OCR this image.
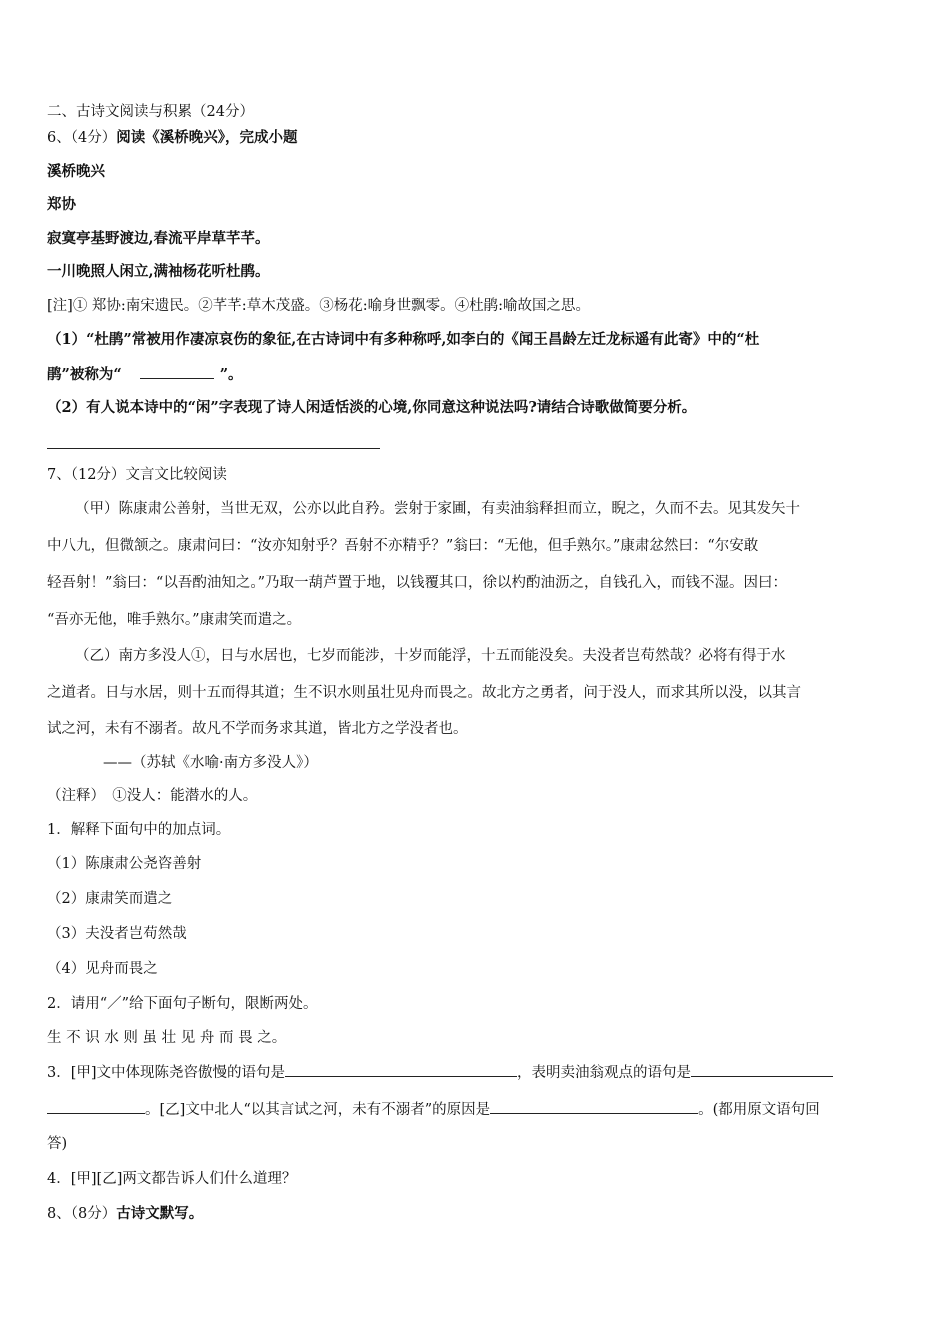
二、古诗文阅读与积累（24分）
6、（4分）阅读《溪桥晚兴》，完成小题
溪桥晚兴
郑协
寂寞亭基野渡边,春流平岸草芊芊。
一川晚照人闲立,满袖杨花听杜鹃。
[注]① 郑协:南宋遗民。②芊芊:草木茂盛。③杨花:喻身世飘零。④杜鹃:喻故国之思。
（1）“杜鹃”常被用作凄凉哀伤的象征,在古诗词中有多种称呼,如李白的《闻王昌龄左迁龙标遥有此寄》中的“杜
鹃”被称为“	”。
（2）有人说本诗中的“闲”字表现了诗人闲适恬淡的心境,你同意这种说法吗?请结合诗歌做简要分析。
7、（12分）文言文比较阅读
（甲）陈康肃公善射，当世无双，公亦以此自矜。尝射于家圃，有卖油翁释担而立，睨之，久而不去。见其发矢十
中八九，但微颔之。康肃问曰：“汝亦知射乎？吾射不亦精乎？”翁曰：“无他，但手熟尔。”康肃忿然曰：“尔安敢
轻吾射！”翁曰：“以吾酌油知之。”乃取一葫芦置于地，以钱覆其口，徐以杓酌油沥之，自钱孔入，而钱不湿。因曰：
“吾亦无他，唯手熟尔。”康肃笑而遣之。
（乙）南方多没人①，日与水居也，七岁而能涉，十岁而能浮，十五而能没矣。夫没者岂苟然哉？必将有得于水
之道者。日与水居，则十五而得其道；生不识水则虽壮见舟而畏之。故北方之勇者，问于没人，而求其所以没，以其言
试之河，未有不溺者。故凡不学而务求其道，皆北方之学没者也。
——（苏轼《水喻·南方多没人》）
（注释）　①没人：能潜水的人。
1．解释下面句中的加点词。
（1）陈康肃公尧咨善射
（2）康肃笑而遣之
（3）夫没者岂苟然哉
（4）见舟而畏之
2．请用“／”给下面句子断句，限断两处。
生 不 识 水 则 虽 壮 见 舟 而 畏 之。
3．[甲]文中体现陈尧咨傲慢的语句是	，表明卖油翁观点的语句是
。[乙]文中北人“以其言试之河，未有不溺者”的原因是	。(都用原文语句回
答)
4．[甲][乙]两文都告诉人们什么道理？
8、（8分）古诗文默写。
